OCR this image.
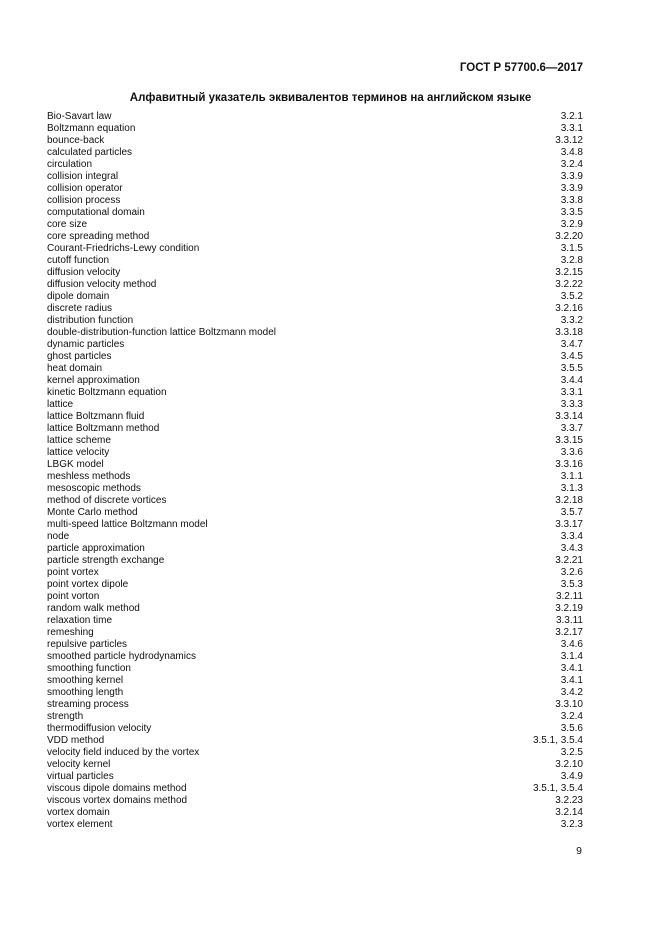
ГОСТ Р 57700.6—2017
Алфавитный указатель эквивалентов терминов на английском языке
Bio-Savart law	3.2.1
Boltzmann equation	3.3.1
bounce-back	3.3.12
calculated particles	3.4.8
circulation	3.2.4
collision integral	3.3.9
collision operator	3.3.9
collision process	3.3.8
computational domain	3.3.5
core size	3.2.9
core spreading method	3.2.20
Courant-Friedrichs-Lewy condition	3.1.5
cutoff function	3.2.8
diffusion velocity	3.2.15
diffusion velocity method	3.2.22
dipole domain	3.5.2
discrete radius	3.2.16
distribution function	3.3.2
double-distribution-function lattice Boltzmann model	3.3.18
dynamic particles	3.4.7
ghost particles	3.4.5
heat domain	3.5.5
kernel approximation	3.4.4
kinetic Boltzmann equation	3.3.1
lattice	3.3.3
lattice Boltzmann fluid	3.3.14
lattice Boltzmann method	3.3.7
lattice scheme	3.3.15
lattice velocity	3.3.6
LBGK model	3.3.16
meshless methods	3.1.1
mesoscopic methods	3.1.3
method of discrete vortices	3.2.18
Monte Carlo method	3.5.7
multi-speed lattice Boltzmann model	3.3.17
node	3.3.4
particle approximation	3.4.3
particle strength exchange	3.2.21
point vortex	3.2.6
point vortex dipole	3.5.3
point vorton	3.2.11
random walk method	3.2.19
relaxation time	3.3.11
remeshing	3.2.17
repulsive particles	3.4.6
smoothed particle hydrodynamics	3.1.4
smoothing function	3.4.1
smoothing kernel	3.4.1
smoothing length	3.4.2
streaming process	3.3.10
strength	3.2.4
thermodiffusion velocity	3.5.6
VDD method	3.5.1, 3.5.4
velocity field induced by the vortex	3.2.5
velocity kernel	3.2.10
virtual particles	3.4.9
viscous dipole domains method	3.5.1, 3.5.4
viscous vortex domains method	3.2.23
vortex domain	3.2.14
vortex element	3.2.3
9
